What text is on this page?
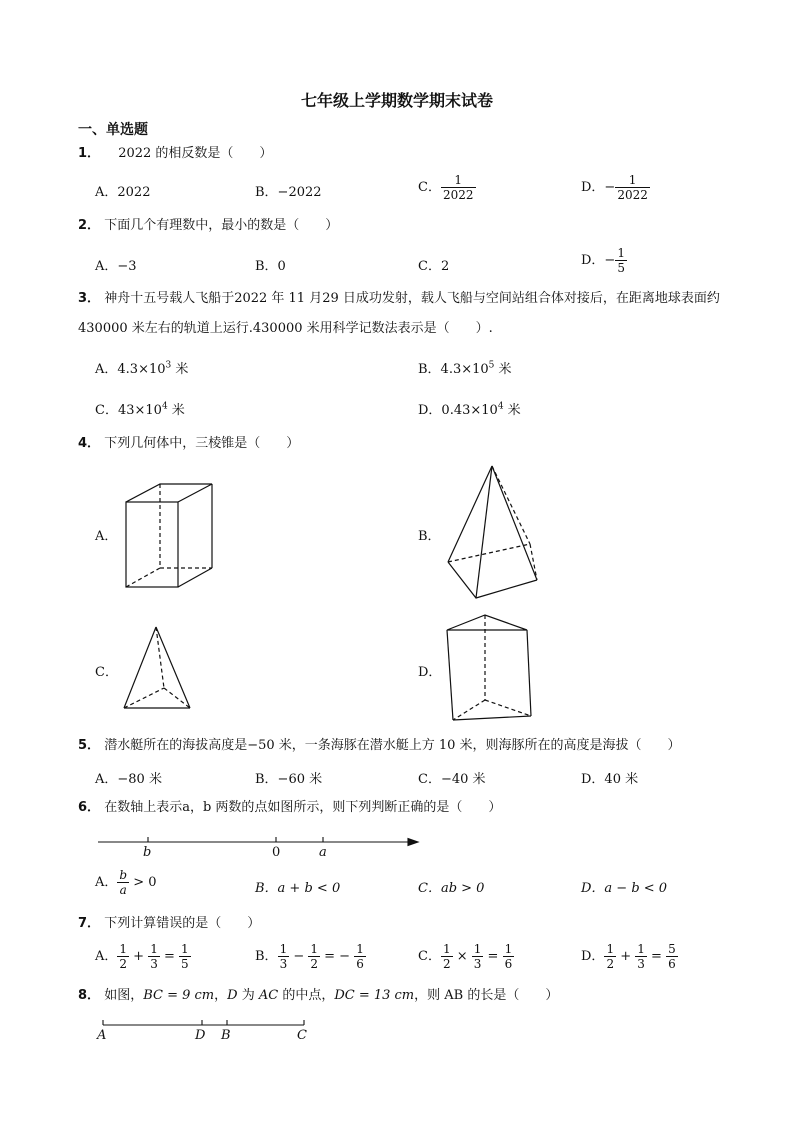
七年级上学期数学期末试卷
一、单选题
1． 2022 的相反数是（　　）
A．2022	B．−2022	C． $\frac{1}{2022}$	D．− $\frac{1}{2022}$
2． 下面几个有理数中，最小的数是（　　）
A．−3	B．0	C．2	D．− $\frac{1}{5}$
3． 神舟十五号载人飞船于2022 年 11 月29 日成功发射，载人飞船与空间站组合体对接后，在距离地球表面约430000 米左右的轨道上运行.430000 米用科学记数法表示是（　　）.
A．$4.3\times 10^3$ 米	B．$4.3\times 10^5$ 米
C．$43\times 10^4$ 米	D．$0.43\times 10^4$ 米
4． 下列几何体中，三棱锥是（　　）
A．	B．
C．	D．
5． 潜水艇所在的海拔高度是−50 米，一条海豚在潜水艇上方 10 米，则海豚所在的高度是海拔（　　）
A．−80 米	B．−60 米	C．−40 米	D．40 米
6． 在数轴上表示a，b 两数的点如图所示，则下列判断正确的是（　　）
b	0	a
A． $\frac{b}{a} > 0$	B．a + b < 0	C．ab > 0	D．a − b < 0
7． 下列计算错误的是（　　）
A． $\frac{1}{2} + \frac{1}{3} = \frac{1}{5}$	B． $\frac{1}{3} - \frac{1}{2}$ = − $\frac{1}{6}$	C． $\frac{1}{2} \times \frac{1}{3} = \frac{1}{6}$	D． $\frac{1}{2} + \frac{1}{3} = \frac{5}{6}$
8． 如图，BC = 9 cm，D 为 AC 的中点，DC = 13 cm，则 AB 的长是（　　）
A	D B	C
